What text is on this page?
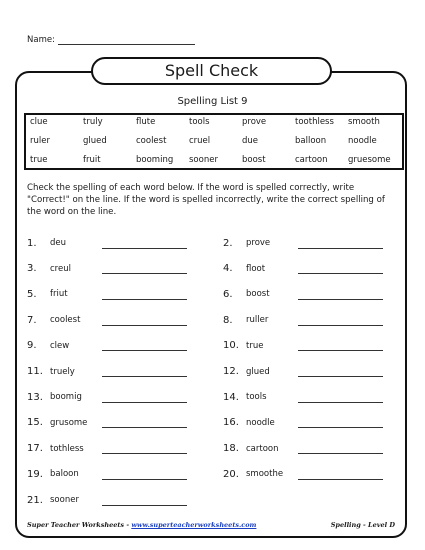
Name:
Spell Check
Spelling List 9
clue	truly	flute	tools	prove	toothless	smooth
ruler	glued	coolest	cruel	due	balloon	noodle
true	fruit	booming	sooner	boost	cartoon	gruesome
Check the spelling of each word below. If the word is spelled correctly, write "Correct!" on the line. If the word is spelled incorrectly, write the correct spelling of the word on the line.
1.	deu	2.	prove
3.	creul	4.	floot
5.	friut	6.	boost
7.	coolest	8.	ruller
9.	clew	10. true
11. truely	12. glued
13. boomig	14. tools
15. grusome	16. noodle
17. tothless	18. cartoon
19. baloon	20. smoothe
21. sooner
Super Teacher Worksheets - www.superteacherworksheets.com	Spelling - Level D
